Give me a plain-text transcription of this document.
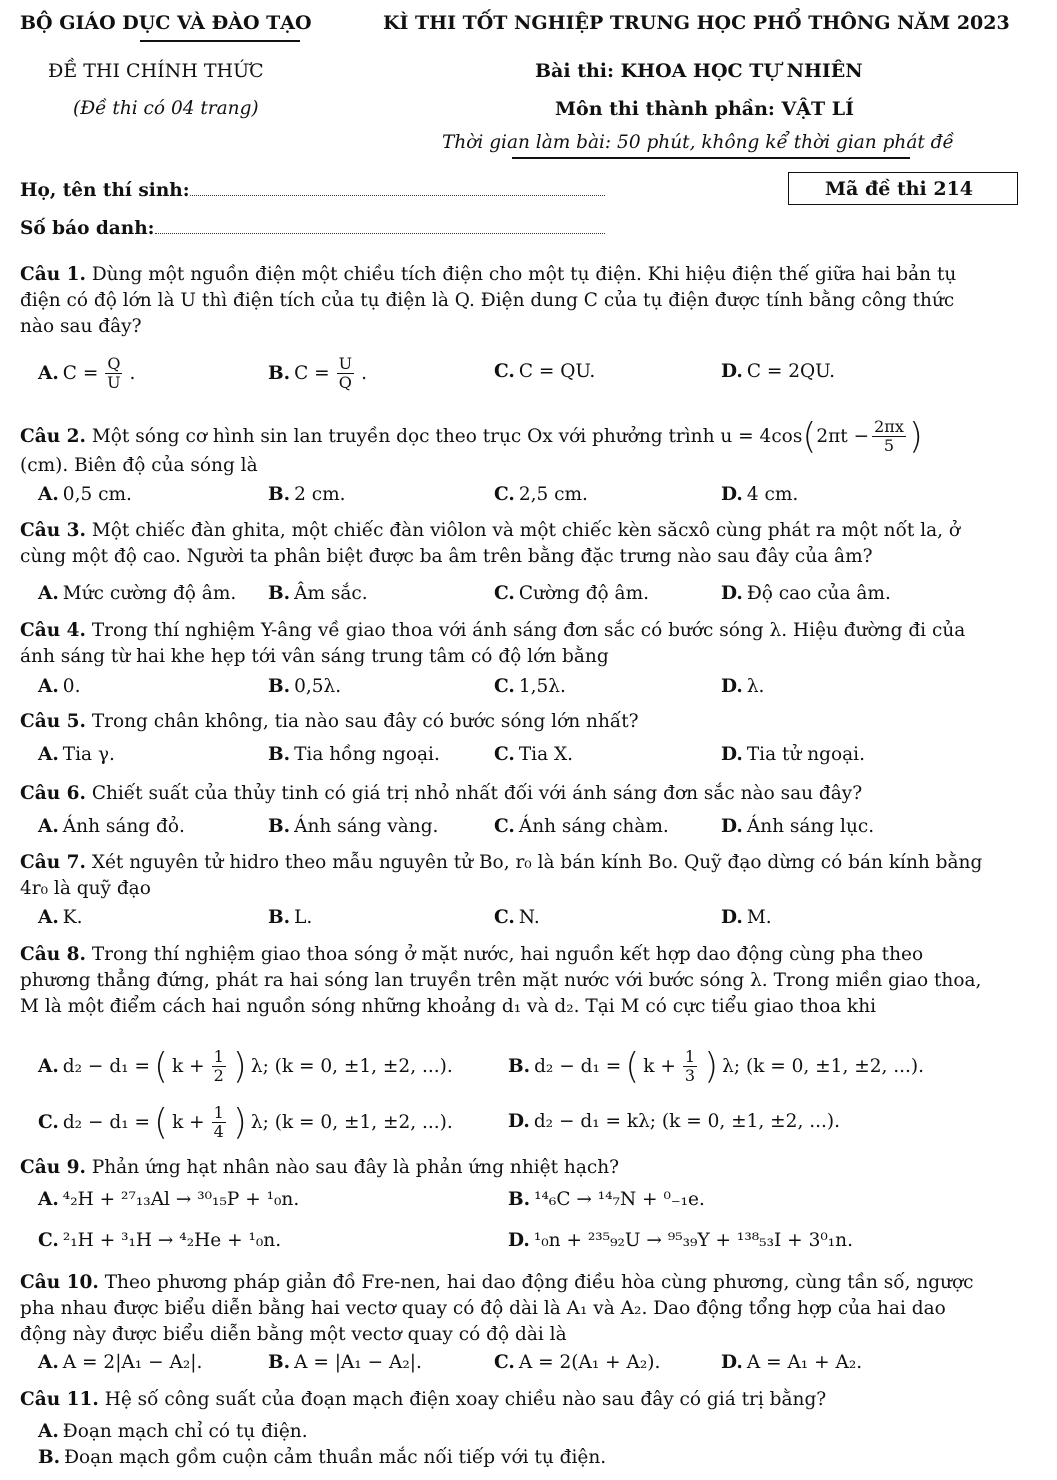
BỘ GIÁO DỤC VÀ ĐÀO TẠO	KÌ THI TỐT NGHIỆP TRUNG HỌC PHỔ THÔNG NĂM 2023
ĐỀ THI CHÍNH THỨC	Bài thi: KHOA HỌC TỰ NHIÊN
(Đề thi có 04 trang)	Môn thi thành phần: VẬT LÍ
Thời gian làm bài: 50 phút, không kể thời gian phát đề
Họ, tên thí sinh:	Mã đề thi 214
Số báo danh:
Câu 1. Dùng một nguồn điện một chiều tích điện cho một tụ điện. Khi hiệu điện thế giữa hai bản tụ điện có độ lớn là U thì điện tích của tụ điện là Q. Điện dung C của tụ điện được tính bằng công thức nào sau đây?
A. $C = \frac{Q}{U}$ .	B. $C = \frac{U}{Q}$ .	C. C = QU.	D. C = 2QU.
Câu 2.
Một sóng cơ hình sin lan truyền dọc theo trục Ox với phưởng trình
u = 4cos ( $2\pi t - \frac{2\pi x}{5}$ )
(cm). Biên độ của sóng là
A. 0,5 cm.	B. 2 cm.	C. 2,5 cm.	D. 4 cm.
Câu 3. Một chiếc đàn ghita, một chiếc đàn viôlon và một chiếc kèn săcxô cùng phát ra một nốt la, ở cùng một độ cao. Người ta phân biệt được ba âm trên bằng đặc trưng nào sau đây của âm?
A. Mức cường độ âm. B. Âm sắc.	C. Cường độ âm.	D. Độ cao của âm.
Câu 4. Trong thí nghiệm Y-âng về giao thoa với ánh sáng đơn sắc có bước sóng λ. Hiệu đường đi của ánh sáng từ hai khe hẹp tới vân sáng trung tâm có độ lớn bằng
A. 0.	B. 0,5λ.	C. 1,5λ.	D. λ.
Câu 5. Trong chân không, tia nào sau đây có bước sóng lớn nhất?
A. Tia γ.	B. Tia hồng ngoại.	C. Tia X.	D. Tia tử ngoại.
Câu 6. Chiết suất của thủy tinh có giá trị nhỏ nhất đối với ánh sáng đơn sắc nào sau đây?
A. Ánh sáng đỏ.	B. Ánh sáng vàng.	C. Ánh sáng chàm.	D. Ánh sáng lục.
Câu 7. Xét nguyên tử hidro theo mẫu nguyên tử Bo, r₀ là bán kính Bo. Quỹ đạo dừng có bán kính bằng 4r₀ là quỹ đạo
A. K.	B. L.	C. N.	D. M.
Câu 8. Trong thí nghiệm giao thoa sóng ở mặt nước, hai nguồn kết hợp dao động cùng pha theo phương thẳng đứng, phát ra hai sóng lan truyền trên mặt nước với bước sóng λ. Trong miền giao thoa, M là một điểm cách hai nguồn sóng những khoảng d₁ và d₂. Tại M có cực tiểu giao thoa khi
A. d₂ − d₁ = ( $k + \frac{1}{2}$ ) λ; (k = 0, ±1, ±2, ...).	B. d₂ − d₁ = ( $k + \frac{1}{3}$ ) λ; (k = 0, ±1, ±2, ...).
C. d₂ − d₁ = ( $k + \frac{1}{4}$ ) λ; (k = 0, ±1, ±2, ...).	D. d₂ − d₁ = kλ; (k = 0, ±1, ±2, ...).
Câu 9. Phản ứng hạt nhân nào sau đây là phản ứng nhiệt hạch?
A. ⁴₂H + ²⁷₁₃Al → ³⁰₁₅P + ¹₀n.	B. ¹⁴₆C → ¹⁴₇N + ⁰₋₁e.
C. ²₁H + ³₁H → ⁴₂He + ¹₀n.	D. ¹₀n + ²³⁵₉₂U → ⁹⁵₃₉Y + ¹³⁸₅₃I + 3⁰₁n.
Câu 10. Theo phương pháp giản đồ Fre-nen, hai dao động điều hòa cùng phương, cùng tần số, ngược pha nhau được biểu diễn bằng hai vectơ quay có độ dài là A₁ và A₂. Dao động tổng hợp của hai dao động này được biểu diễn bằng một vectơ quay có độ dài là
A. A = 2|A₁ − A₂|.	B. A = |A₁ − A₂|.	C. A = 2(A₁ + A₂).	D. A = A₁ + A₂.
Câu 11. Hệ số công suất của đoạn mạch điện xoay chiều nào sau đây có giá trị bằng?
A. Đoạn mạch chỉ có tụ điện.
B. Đoạn mạch gồm cuộn cảm thuần mắc nối tiếp với tụ điện.
